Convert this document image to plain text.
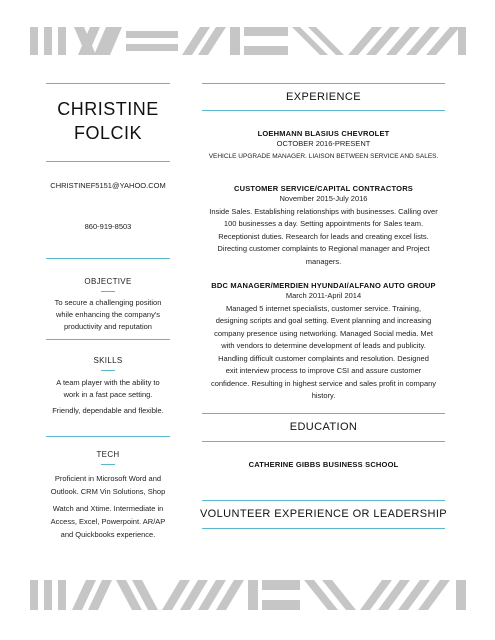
CHRISTINE
FOLCIK
CHRISTINEF5151@YAHOO.COM
860-919-8503
OBJECTIVE
To secure a challenging position
while enhancing the company's
productivity and reputation
SKILLS
A team player with the ability to
work in a fast pace setting.
Friendly, dependable and flexible.
TECH
Proficient in Microsoft Word and
Outlook. CRM Vin Solutions, Shop
Watch and Xtime. Intermediate in
Access, Excel, Powerpoint. AR/AP
and Quickbooks experience.
EXPERIENCE
LOEHMANN BLASIUS CHEVROLET
OCTOBER 2016-PRESENT
VEHICLE UPGRADE MANAGER. LIAISON BETWEEN SERVICE AND SALES.
CUSTOMER SERVICE/CAPITAL CONTRACTORS
November 2015-July 2016
Inside Sales. Establishing relationships with businesses. Calling over
100 businesses a day. Setting appointments for Sales team.
Receptionist duties. Research for leads and creating excel lists.
Directing customer complaints to Regional manager and Project
managers.
BDC MANAGER/MERDIEN HYUNDAI/ALFANO AUTO GROUP
March 2011-April 2014
Managed 5 internet specialists, customer service. Training,
designing scripts and goal setting. Event planning and increasing
company presence using networking. Managed Social media. Met
with vendors to determine development of leads and publicity.
Handling difficult customer complaints and resolution. Designed
exit interview process to improve CSI and assure customer
confidence. Resulting in highest service and sales profit in company
history.
EDUCATION
CATHERINE GIBBS BUSINESS SCHOOL
VOLUNTEER EXPERIENCE OR LEADERSHIP
